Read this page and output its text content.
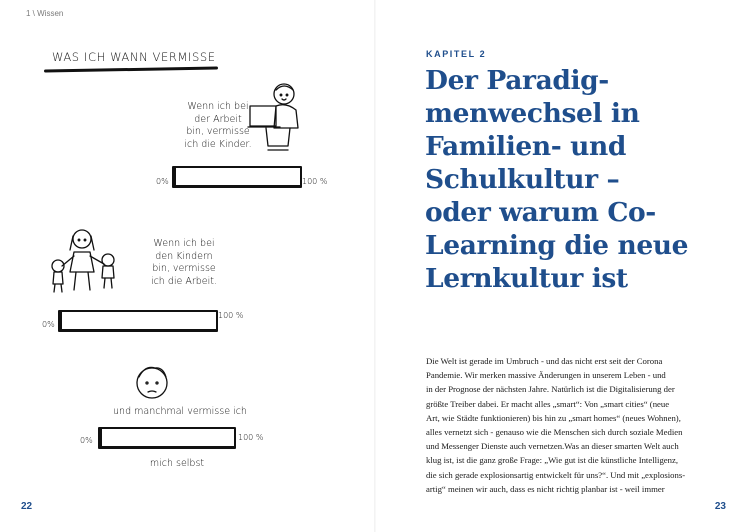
1 \ Wissen
WAS ICH WANN VERMISSE
Wenn ich bei
der Arbeit
bin, vermisse
ich die Kinder.
0%	100 %
Wenn ich bei
den Kindern
bin, vermisse
ich die Arbeit.
0%
100 %
und manchmal vermisse ich
0%	100 %
mich selbst
22
KAPITEL 2
Der Paradig-
menwechsel in
Familien- und
Schulkultur –
oder warum Co-
Learning die neue
Lernkultur ist
Die Welt ist gerade im Umbruch - und das nicht erst seit der Corona
Pandemie. Wir merken massive Änderungen in unserem Leben - und
in der Prognose der nächsten Jahre. Natürlich ist die Digitalisierung der
größte Treiber dabei. Er macht alles „smart“: Von „smart cities“ (neue
Art, wie Städte funktionieren) bis hin zu „smart homes“ (neues Wohnen),
alles vernetzt sich - genauso wie die Menschen sich durch soziale Medien
und Messenger Dienste auch vernetzen.Was an dieser smarten Welt auch
klug ist, ist die ganz große Frage: „Wie gut ist die künstliche Intelligenz,
die sich gerade explosionsartig entwickelt für uns?“. Und mit „explosions-
artig“ meinen wir auch, dass es nicht richtig planbar ist - weil immer
23
